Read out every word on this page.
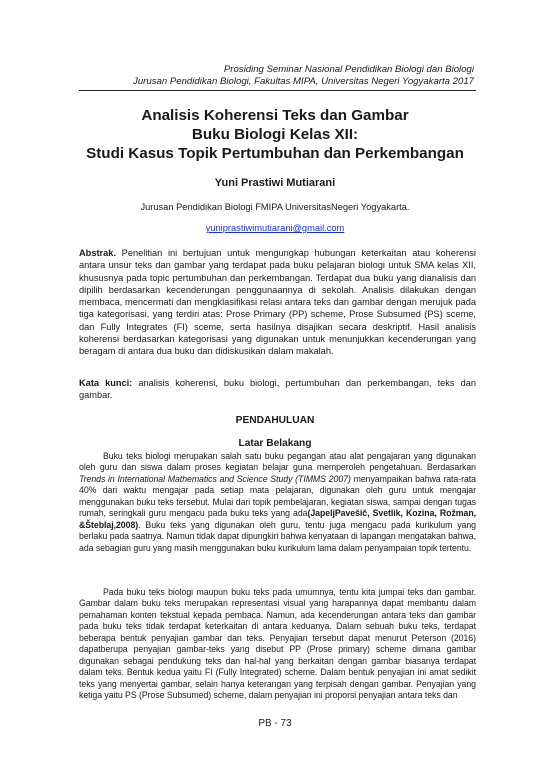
Prosiding Seminar Nasional Pendidikan Biologi dan Biologi
Jurusan Pendidikan Biologi, Fakultas MIPA, Universitas Negeri Yogyakarta 2017
Analisis Koherensi Teks dan Gambar
Buku Biologi Kelas XII:
Studi Kasus Topik Pertumbuhan dan Perkembangan
Yuni Prastiwi Mutiarani
Jurusan Pendidikan Biologi FMIPA UniversitasNegeri Yogyakarta.
yuniprastiwimutiarani@gmail.com

Abstrak. Penelitian ini bertujuan untuk mengungkap hubungan keterkaitan atau koherensi antara unsur teks dan gambar yang terdapat pada buku pelajaran biologi untuk SMA kelas XII, khususnya pada topic pertumbuhan dan perkembangan. Terdapat dua buku yang dianalisis dan dipilih berdasarkan kecenderungan penggunaannya di sekolah. Analisis dilakukan dengan membaca, mencermati dan mengklasifikasi relasi antara teks dan gambar dengan merujuk pada tiga kategorisasi, yang terdiri atas: Prose Primary (PP) scheme, Prose Subsumed (PS) sceme, dan Fully Integrates (FI) sceme, serta hasilnya disajikan secara deskriptif. Hasil analisis koherensi berdasarkan kategorisasi yang digunakan untuk menunjukkan kecenderungan yang beragam di antara dua buku dan didiskusikan dalam makalah.

Kata kunci: analisis koherensi, buku biologi, pertumbuhan dan perkembangan, teks dan gambar.

PENDAHULUAN
Latar Belakang

Buku teks biologi merupakan salah satu buku pegangan atau alat pengajaran yang digunakan oleh guru dan siswa dalam proses kegiatan belajar guna memperoleh pengetahuan. Berdasarkan Trends in International Mathematics and Science Study (TIMMS 2007) menyampaikan bahwa rata-rata 40% dari waktu mengajar pada setiap mata pelajaran, digunakan oleh guru untuk mengajar menggunakan buku teks tersebut. Mulai dari topik pembelajaran, kegiatan siswa, sampai dengan tugas rumah, seringkali guru mengacu pada buku teks yang ada(JapeljPavešič, Svetlik, Kozina, Rožman, &Šteblaj,2008). Buku teks yang digunakan oleh guru, tentu juga mengacu pada kurikulum yang berlaku pada saatnya. Namun tidak dapat dipungkiri bahwa kenyataan di lapangan mengatakan bahwa, ada sebagian guru yang masih menggunakan buku kurikulum lama dalam penyampaian topik tertentu.

Pada buku teks biologi maupun buku teks pada umumnya, tentu kita jumpai teks dan gambar. Gambar dalam buku teks merupakan representasi visual yang harapannya dapat membantu dalam pemahaman konten tekstual kepada pembaca. Namun, ada kecenderungan antara teks dan gambar pada buku teks tidak terdapat keterkaitan di antara keduanya. Dalam sebuah buku teks, terdapat beberapa bentuk penyajian gambar dan teks. Penyajian tersebut dapat menurut Peterson (2016) dapatberupa penyajian gambar-teks yang disebut PP (Prose primary) scheme dimana gambar digunakan sebagai pendukung teks dan hal-hal yang berkaitan dengan gambar biasanya terdapat dalam teks. Bentuk kedua yaitu FI (Fully Integrated) scheme. Dalam bentuk penyajian ini amat sedikit teks yang menyertai gambar, selain hanya keterangan yang terpisah dengan gambar. Penyajian yang ketiga yaitu PS (Prose Subsumed) scheme, dalam penyajian ini proporsi penyajian antara teks dan

PB - 73
